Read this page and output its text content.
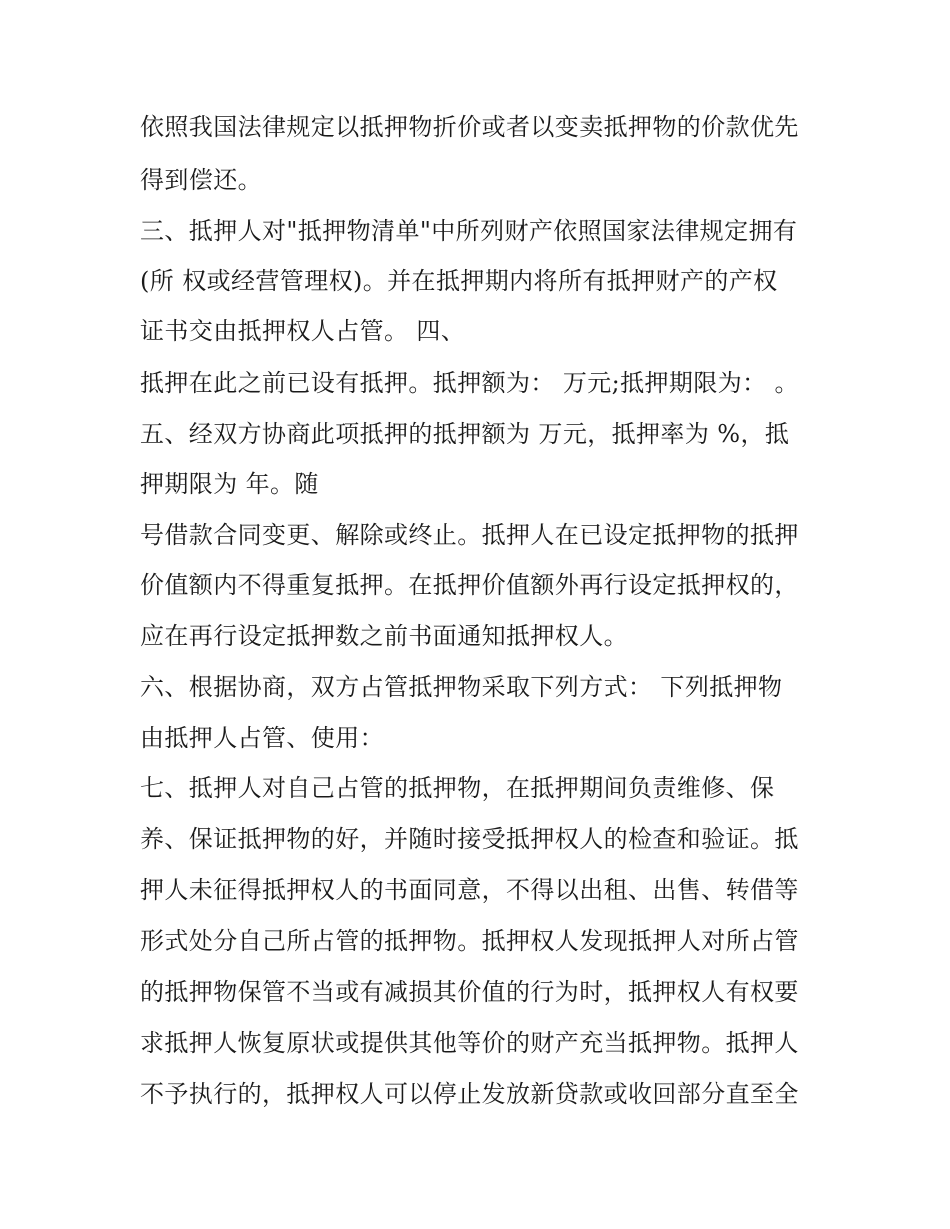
依照我国法律规定以抵押物折价或者以变卖抵押物的价款优先
得到偿还。
三、抵押人对"抵押物清单"中所列财产依照国家法律规定拥有
(所 权或经营管理权)。并在抵押期内将所有抵押财产的产权
证书交由抵押权人占管。 四、
抵押在此之前已设有抵押。抵押额为： 万元;抵押期限为： 。
五、经双方协商此项抵押的抵押额为 万元，抵押率为 %，抵
押期限为 年。随
号借款合同变更、解除或终止。抵押人在已设定抵押物的抵押
价值额内不得重复抵押。在抵押价值额外再行设定抵押权的，
应在再行设定抵押数之前书面通知抵押权人。
六、根据协商，双方占管抵押物采取下列方式： 下列抵押物
由抵押人占管、使用：
七、抵押人对自己占管的抵押物，在抵押期间负责维修、保
养、保证抵押物的好，并随时接受抵押权人的检查和验证。抵
押人未征得抵押权人的书面同意，不得以出租、出售、转借等
形式处分自己所占管的抵押物。抵押权人发现抵押人对所占管
的抵押物保管不当或有减损其价值的行为时，抵押权人有权要
求抵押人恢复原状或提供其他等价的财产充当抵押物。抵押人
不予执行的，抵押权人可以停止发放新贷款或收回部分直至全
